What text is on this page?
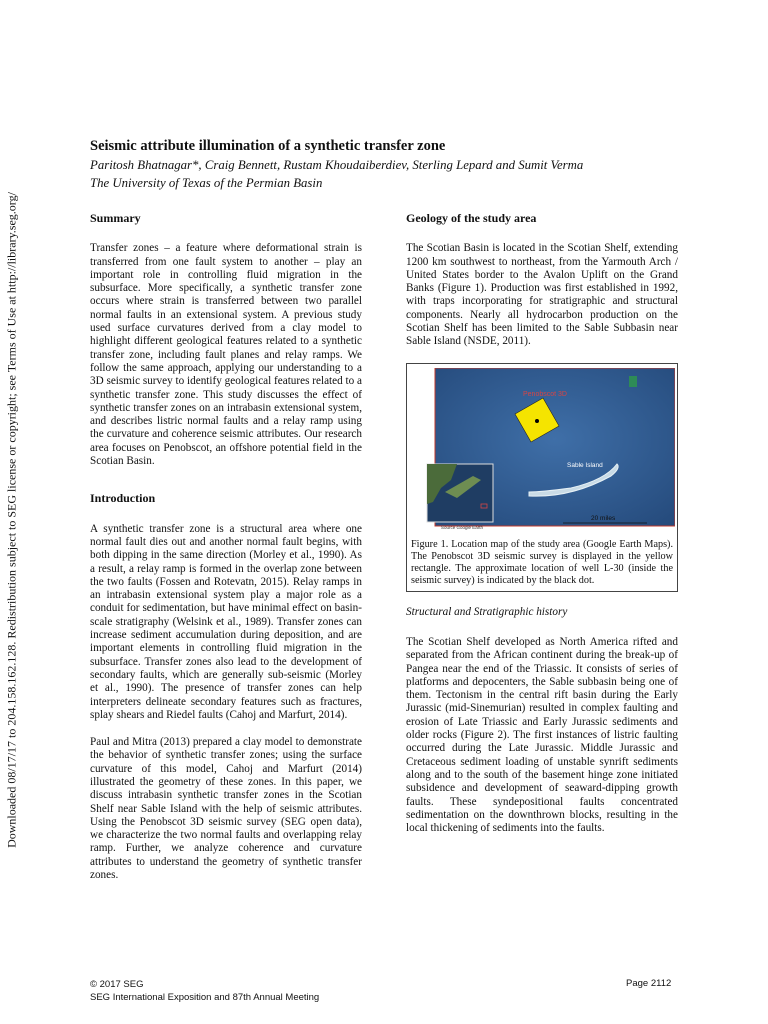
Downloaded 08/17/17 to 204.158.162.128. Redistribution subject to SEG license or copyright; see Terms of Use at http://library.seg.org/

Seismic attribute illumination of a synthetic transfer zone

Paritosh Bhatnagar*, Craig Bennett, Rustam Khoudaiberdiev, Sterling Lepard and Sumit Verma

The University of Texas of the Permian Basin

Summary

Transfer zones – a feature where deformational strain is transferred from one fault system to another – play an important role in controlling fluid migration in the subsurface. More specifically, a synthetic transfer zone occurs where strain is transferred between two parallel normal faults in an extensional system. A previous study used surface curvatures derived from a clay model to highlight different geological features related to a synthetic transfer zone, including fault planes and relay ramps. We follow the same approach, applying our understanding to a 3D seismic survey to identify geological features related to a synthetic transfer zone. This study discusses the effect of synthetic transfer zones on an intrabasin extensional system, and describes listric normal faults and a relay ramp using the curvature and coherence seismic attributes. Our research area focuses on Penobscot, an offshore potential field in the Scotian Basin.

Introduction

A synthetic transfer zone is a structural area where one normal fault dies out and another normal fault begins, with both dipping in the same direction (Morley et al., 1990). As a result, a relay ramp is formed in the overlap zone between the two faults (Fossen and Rotevatn, 2015). Relay ramps in an intrabasin extensional system play a major role as a conduit for sedimentation, but have minimal effect on basin-scale stratigraphy (Welsink et al., 1989). Transfer zones can increase sediment accumulation during deposition, and are important elements in controlling fluid migration in the subsurface. Transfer zones also lead to the development of secondary faults, which are generally sub-seismic (Morley et al., 1990). The presence of transfer zones can help interpreters delineate secondary features such as fractures, splay shears and Riedel faults (Cahoj and Marfurt, 2014).

Paul and Mitra (2013) prepared a clay model to demonstrate the behavior of synthetic transfer zones; using the surface curvature of this model, Cahoj and Marfurt (2014) illustrated the geometry of these zones. In this paper, we discuss intrabasin synthetic transfer zones in the Scotian Shelf near Sable Island with the help of seismic attributes. Using the Penobscot 3D seismic survey (SEG open data), we characterize the two normal faults and overlapping relay ramp. Further, we analyze coherence and curvature attributes to understand the geometry of synthetic transfer zones.

Geology of the study area

The Scotian Basin is located in the Scotian Shelf, extending 1200 km southwest to northeast, from the Yarmouth Arch / United States border to the Avalon Uplift on the Grand Banks (Figure 1). Production was first established in 1992, with traps incorporating for stratigraphic and structural components. Nearly all hydrocarbon production on the Scotian Shelf has been limited to the Sable Subbasin near Sable Island (NSDE, 2011).

Penobscot 3D
Sable Island
Source Google Earth
20 miles
Figure 1. Location map of the study area (Google Earth Maps). The Penobscot 3D seismic survey is displayed in the yellow rectangle. The approximate location of well L-30 (inside the seismic survey) is indicated by the black dot.

Structural and Stratigraphic history

The Scotian Shelf developed as North America rifted and separated from the African continent during the break-up of Pangea near the end of the Triassic. It consists of series of platforms and depocenters, the Sable subbasin being one of them. Tectonism in the central rift basin during the Early Jurassic (mid-Sinemurian) resulted in complex faulting and erosion of Late Triassic and Early Jurassic sediments and older rocks (Figure 2). The first instances of listric faulting occurred during the Late Jurassic. Middle Jurassic and Cretaceous sediment loading of unstable synrift sediments along and to the south of the basement hinge zone initiated subsidence and development of seaward-dipping growth faults. These syndepositional faults concentrated sedimentation on the downthrown blocks, resulting in the local thickening of sediments into the faults.

© 2017 SEG
SEG International Exposition and 87th Annual Meeting
Page 2112
